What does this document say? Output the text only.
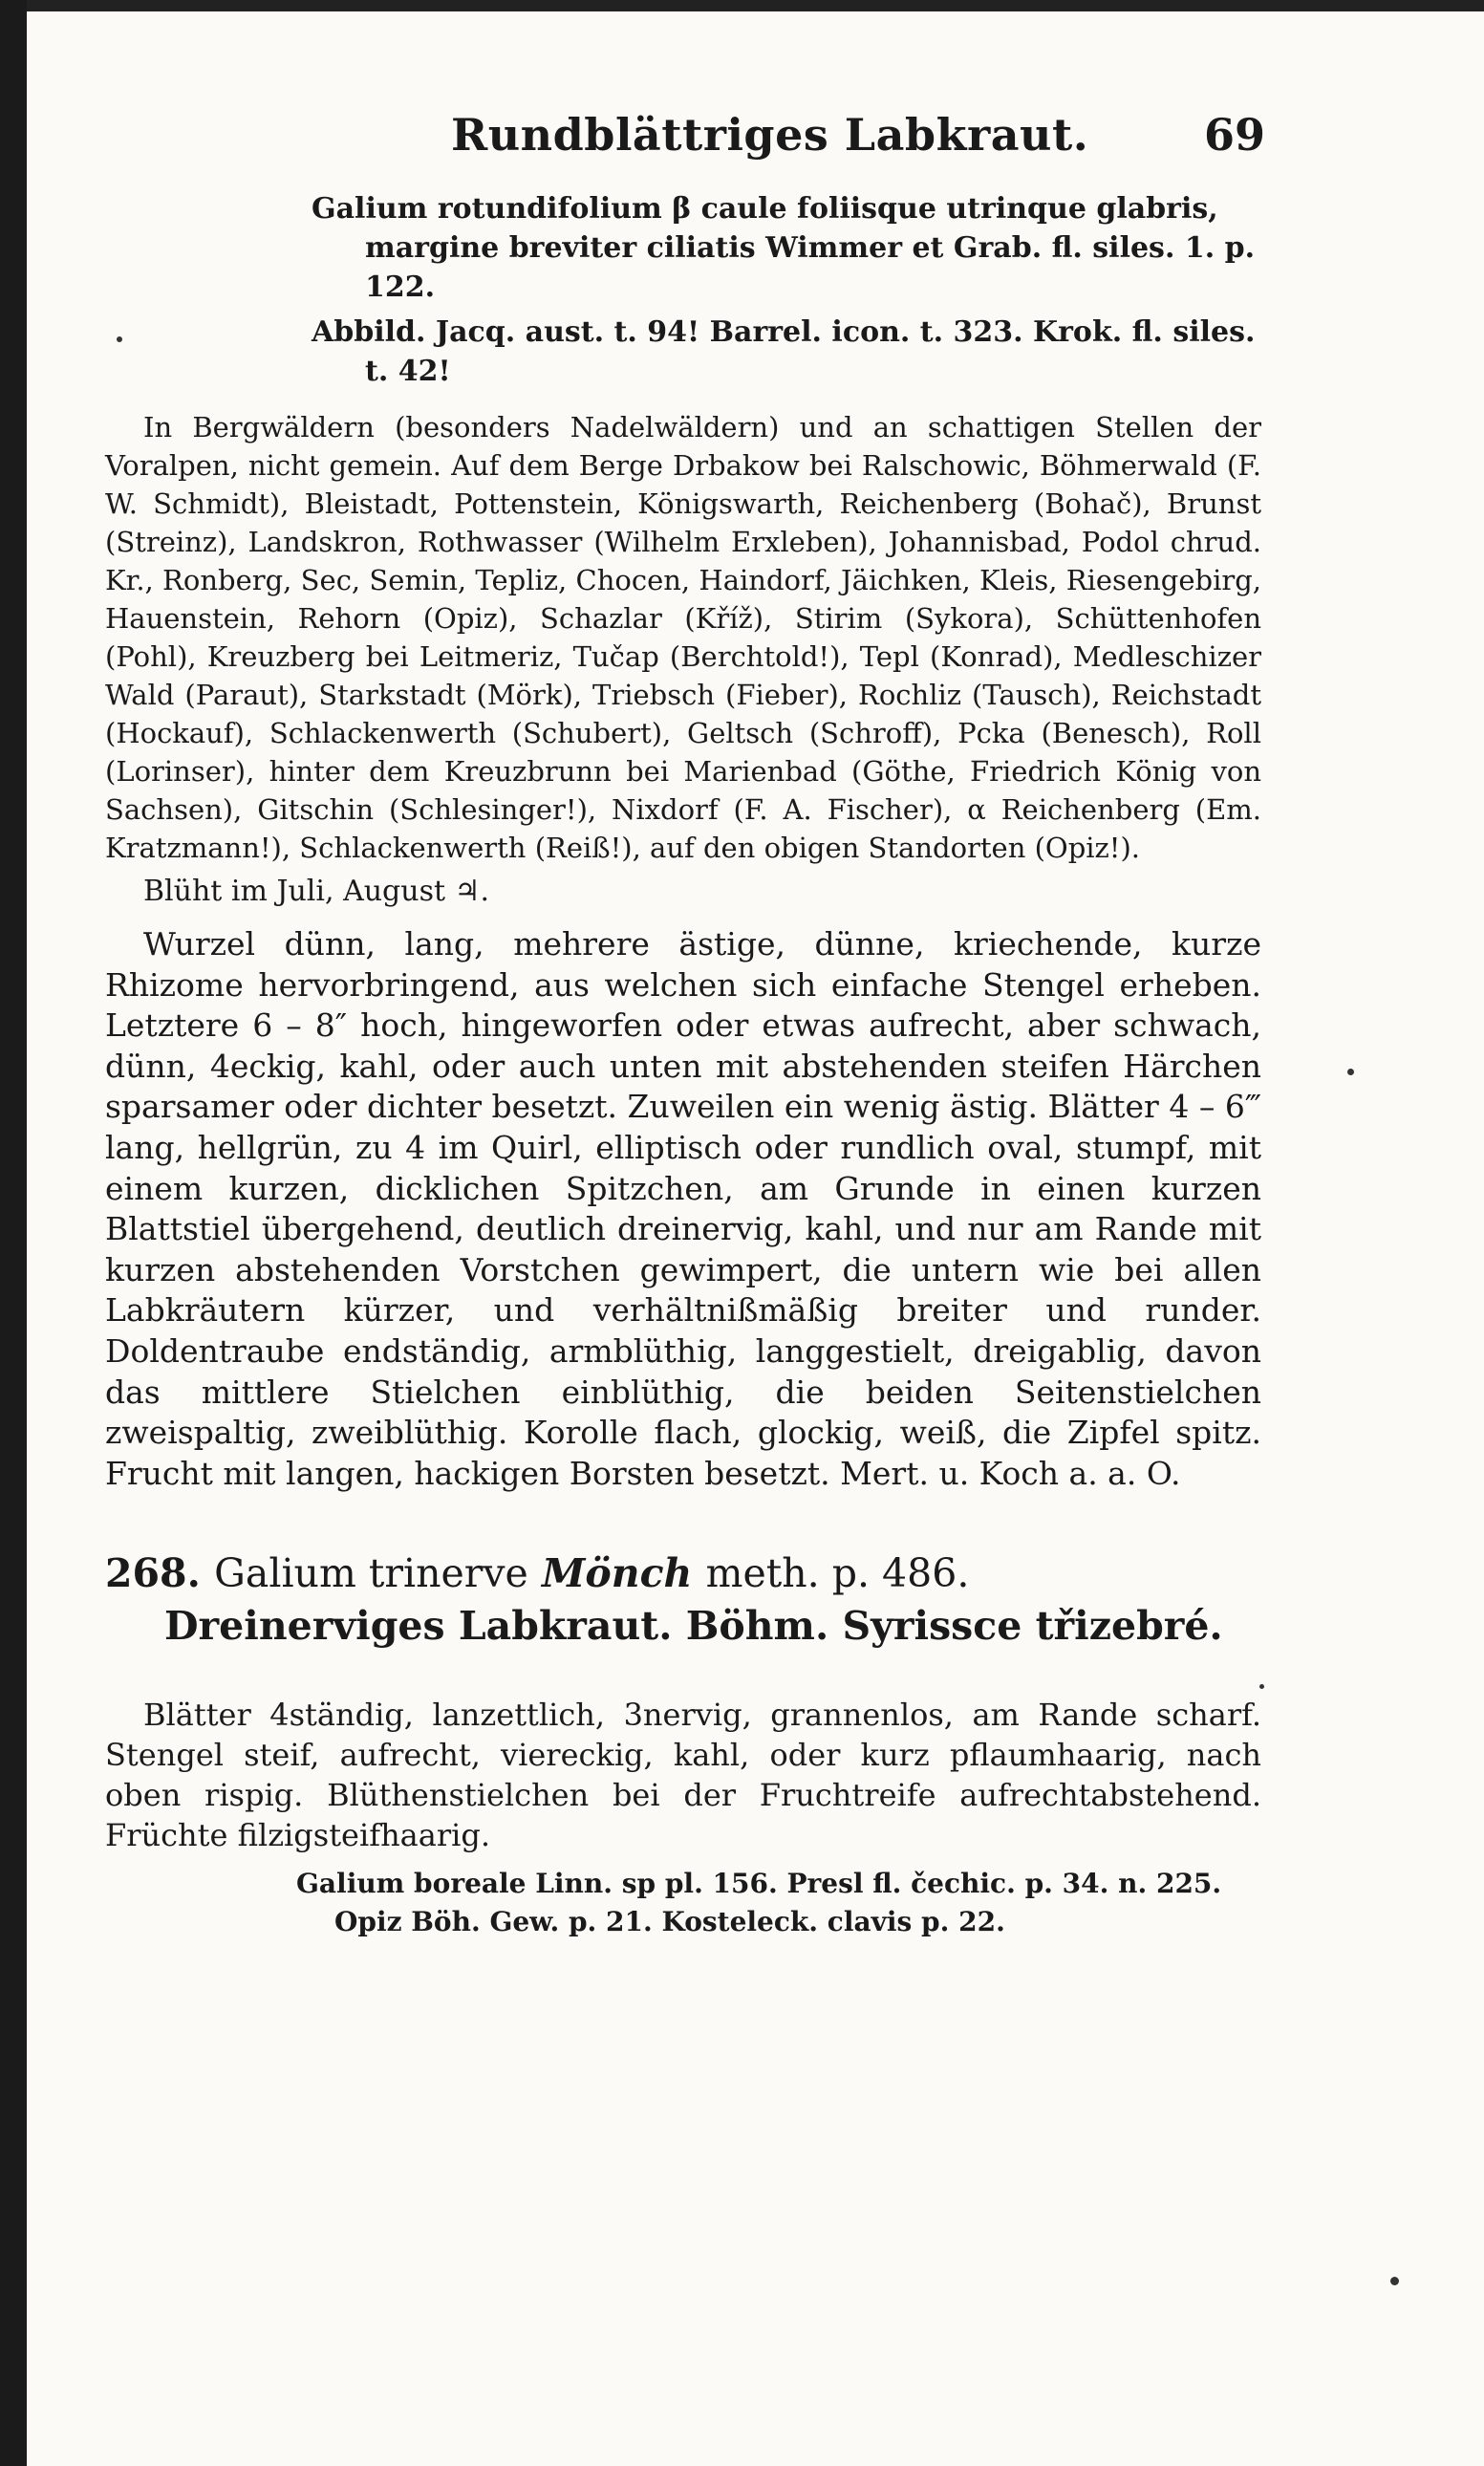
Rundblättriges Labkraut.	69

Galium rotundifolium β caule foliisque utrinque glabris, margine breviter ciliatis Wimmer et Grab. fl. siles. 1. p. 122.

Abbild. Jacq. aust. t. 94! Barrel. icon. t. 323. Krok. fl. siles. t. 42!

In Bergwäldern (besonders Nadelwäldern) und an schattigen Stellen der Voralpen, nicht gemein. Auf dem Berge Drbakow bei Ralschowic, Böhmerwald (F. W. Schmidt), Bleistadt, Pottenstein, Königswarth, Reichenberg (Bohač), Brunst (Streinz), Landskron, Rothwasser (Wilhelm Erxleben), Johannisbad, Podol chrud. Kr., Ronberg, Sec, Semin, Tepliz, Chocen, Haindorf, Jäichken, Kleis, Riesengebirg, Hauenstein, Rehorn (Opiz), Schazlar (Kříž), Stirim (Sykora), Schüttenhofen (Pohl), Kreuzberg bei Leitmeriz, Tučap (Berchtold!), Tepl (Konrad), Medleschizer Wald (Paraut), Starkstadt (Mörk), Triebsch (Fieber), Rochliz (Tausch), Reichstadt (Hockauf), Schlackenwerth (Schubert), Geltsch (Schroff), Pcka (Benesch), Roll (Lorinser), hinter dem Kreuzbrunn bei Marienbad (Göthe, Friedrich König von Sachsen), Gitschin (Schlesinger!), Nixdorf (F. A. Fischer), α Reichenberg (Em. Kratzmann!), Schlackenwerth (Reiß!), auf den obigen Standorten (Opiz!).

Blüht im Juli, August ♃.

Wurzel dünn, lang, mehrere ästige, dünne, kriechende, kurze Rhizome hervorbringend, aus welchen sich einfache Stengel erheben. Letztere 6 – 8″ hoch, hingeworfen oder etwas aufrecht, aber schwach, dünn, 4eckig, kahl, oder auch unten mit abstehenden steifen Härchen sparsamer oder dichter besetzt. Zuweilen ein wenig ästig. Blätter 4 – 6‴ lang, hellgrün, zu 4 im Quirl, elliptisch oder rundlich oval, stumpf, mit einem kurzen, dicklichen Spitzchen, am Grunde in einen kurzen Blattstiel übergehend, deutlich dreinervig, kahl, und nur am Rande mit kurzen abstehenden Vorstchen gewimpert, die untern wie bei allen Labkräutern kürzer, und verhältnißmäßig breiter und runder. Doldentraube endständig, armblüthig, langgestielt, dreigablig, davon das mittlere Stielchen einblüthig, die beiden Seitenstielchen zweispaltig, zweiblüthig. Korolle flach, glockig, weiß, die Zipfel spitz. Frucht mit langen, hackigen Borsten besetzt. Mert. u. Koch a. a. O.

268. Galium trinerve Mönch meth. p. 486. Dreinerviges Labkraut. Böhm. Syrissce třizebré.

Blätter 4ständig, lanzettlich, 3nervig, grannenlos, am Rande scharf. Stengel steif, aufrecht, viereckig, kahl, oder kurz pflaumhaarig, nach oben rispig. Blüthenstielchen bei der Fruchtreife aufrechtabstehend. Früchte filzigsteifhaarig.

Galium boreale Linn. sp pl. 156. Presl fl. čechic. p. 34. n. 225. Opiz Böh. Gew. p. 21. Kosteleck. clavis p. 22.
